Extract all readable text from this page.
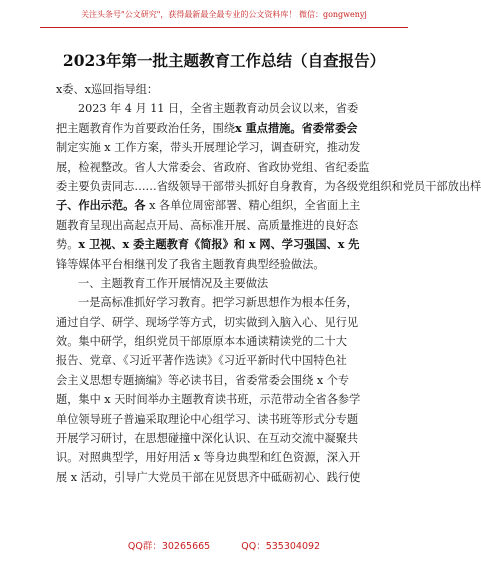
关注头条号"公文研究"，获得最新最全最专业的公文资料库！ 微信：gongwenyj
2023年第一批主题教育工作总结（自查报告）
x委、x巡回指导组：
2023 年 4 月 11 日，全省主题教育动员会议以来，省委
把主题教育作为首要政治任务，围绕x 重点措施。省委常委会
制定实施 x 工作方案，带头开展理论学习，调查研究，推动发
展，检视整改。省人大常委会、省政府、省政协党组、省纪委监
委主要负责同志……省级领导干部带头抓好自身教育，为各级党组织和党员干部放出样
子、作出示范。各 x 各单位周密部署、精心组织，全省面上主
题教育呈现出高起点开局、高标准开展、高质量推进的良好态
势。x 卫视、x 委主题教育《简报》和 x 网、学习强国、x 先
锋等媒体平台相继刊发了我省主题教育典型经验做法。
一、主题教育工作开展情况及主要做法
一是高标准抓好学习教育。把学习新思想作为根本任务，
通过自学、研学、现场学等方式，切实做到入脑入心、见行见
效。集中研学，组织党员干部原原本本通读精读党的二十大
报告、党章、《习近平著作选读》《习近平新时代中国特色社
会主义思想专题摘编》等必读书目，省委常委会围绕 x 个专
题，集中 x 天时间举办主题教育读书班，示范带动全省各参学
单位领导班子普遍采取理论中心组学习、读书班等形式分专题
开展学习研讨，在思想碰撞中深化认识、在互动交流中凝聚共
识。对照典型学，用好用活 x 等身边典型和红色资源，深入开
展 x 活动，引导广大党员干部在见贤思齐中砥砺初心、践行使
QQ群：30265665	QQ：535304092
